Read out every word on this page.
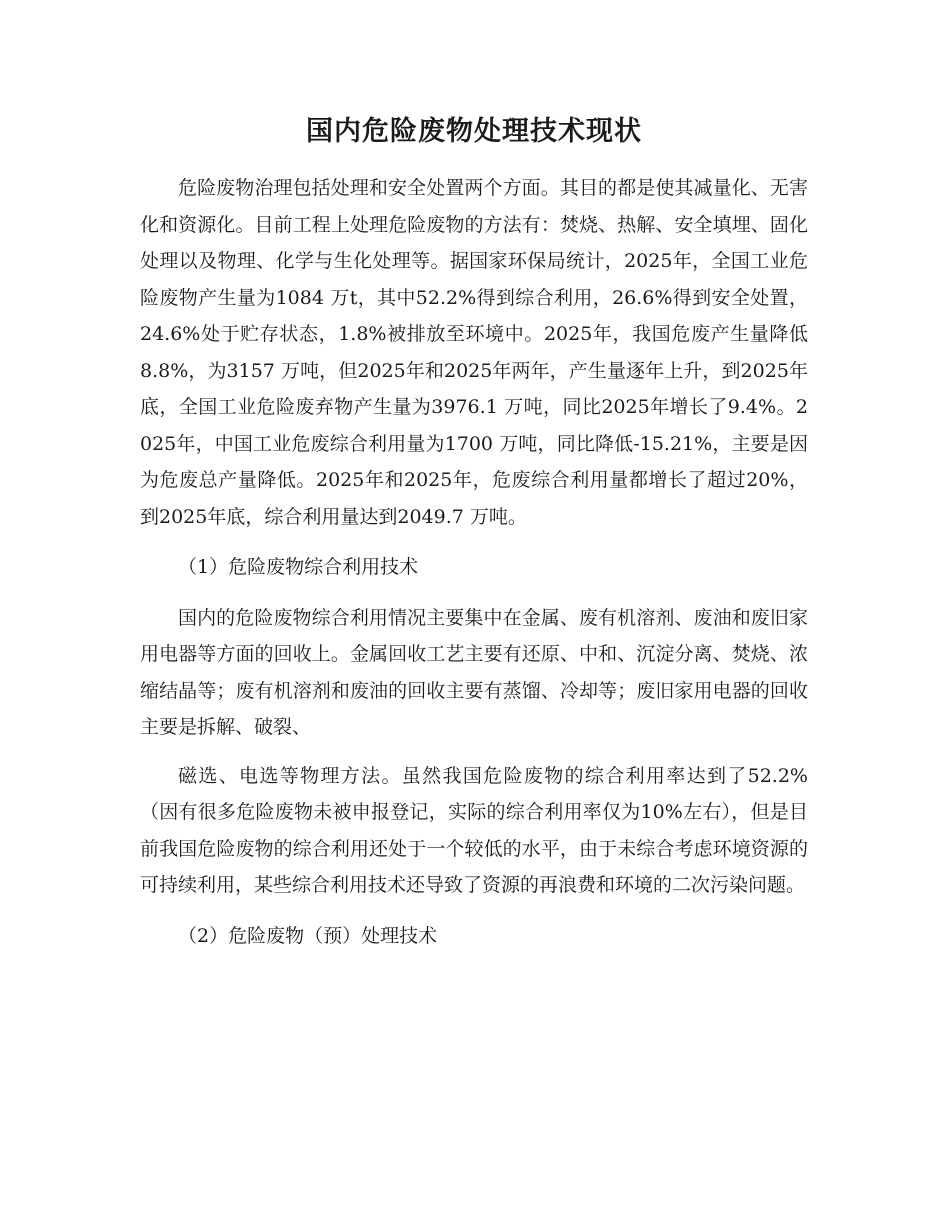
国内危险废物处理技术现状

危险废物治理包括处理和安全处置两个方面。其目的都是使其减量化、无害化和资源化。目前工程上处理危险废物的方法有：焚烧、热解、安全填埋、固化处理以及物理、化学与生化处理等。据国家环保局统计，2025年，全国工业危险废物产生量为1084 万t，其中52.2%得到综合利用，26.6%得到安全处置，24.6%处于贮存状态，1.8%被排放至环境中。2025年，我国危废产生量降低8.8%，为3157 万吨，但2025年和2025年两年，产生量逐年上升，到2025年底，全国工业危险废弃物产生量为3976.1 万吨，同比2025年增长了9.4%。2025年，中国工业危废综合利用量为1700 万吨，同比降低-15.21%，主要是因为危废总产量降低。2025年和2025年，危废综合利用量都增长了超过20%，到2025年底，综合利用量达到2049.7 万吨。

（1）危险废物综合利用技术

国内的危险废物综合利用情况主要集中在金属、废有机溶剂、废油和废旧家用电器等方面的回收上。金属回收工艺主要有还原、中和、沉淀分离、焚烧、浓缩结晶等；废有机溶剂和废油的回收主要有蒸馏、冷却等；废旧家用电器的回收主要是拆解、破裂、

磁选、电选等物理方法。虽然我国危险废物的综合利用率达到了52.2%（因有很多危险废物未被申报登记，实际的综合利用率仅为10%左右），但是目前我国危险废物的综合利用还处于一个较低的水平，由于未综合考虑环境资源的可持续利用，某些综合利用技术还导致了资源的再浪费和环境的二次污染问题。

（2）危险废物（预）处理技术
